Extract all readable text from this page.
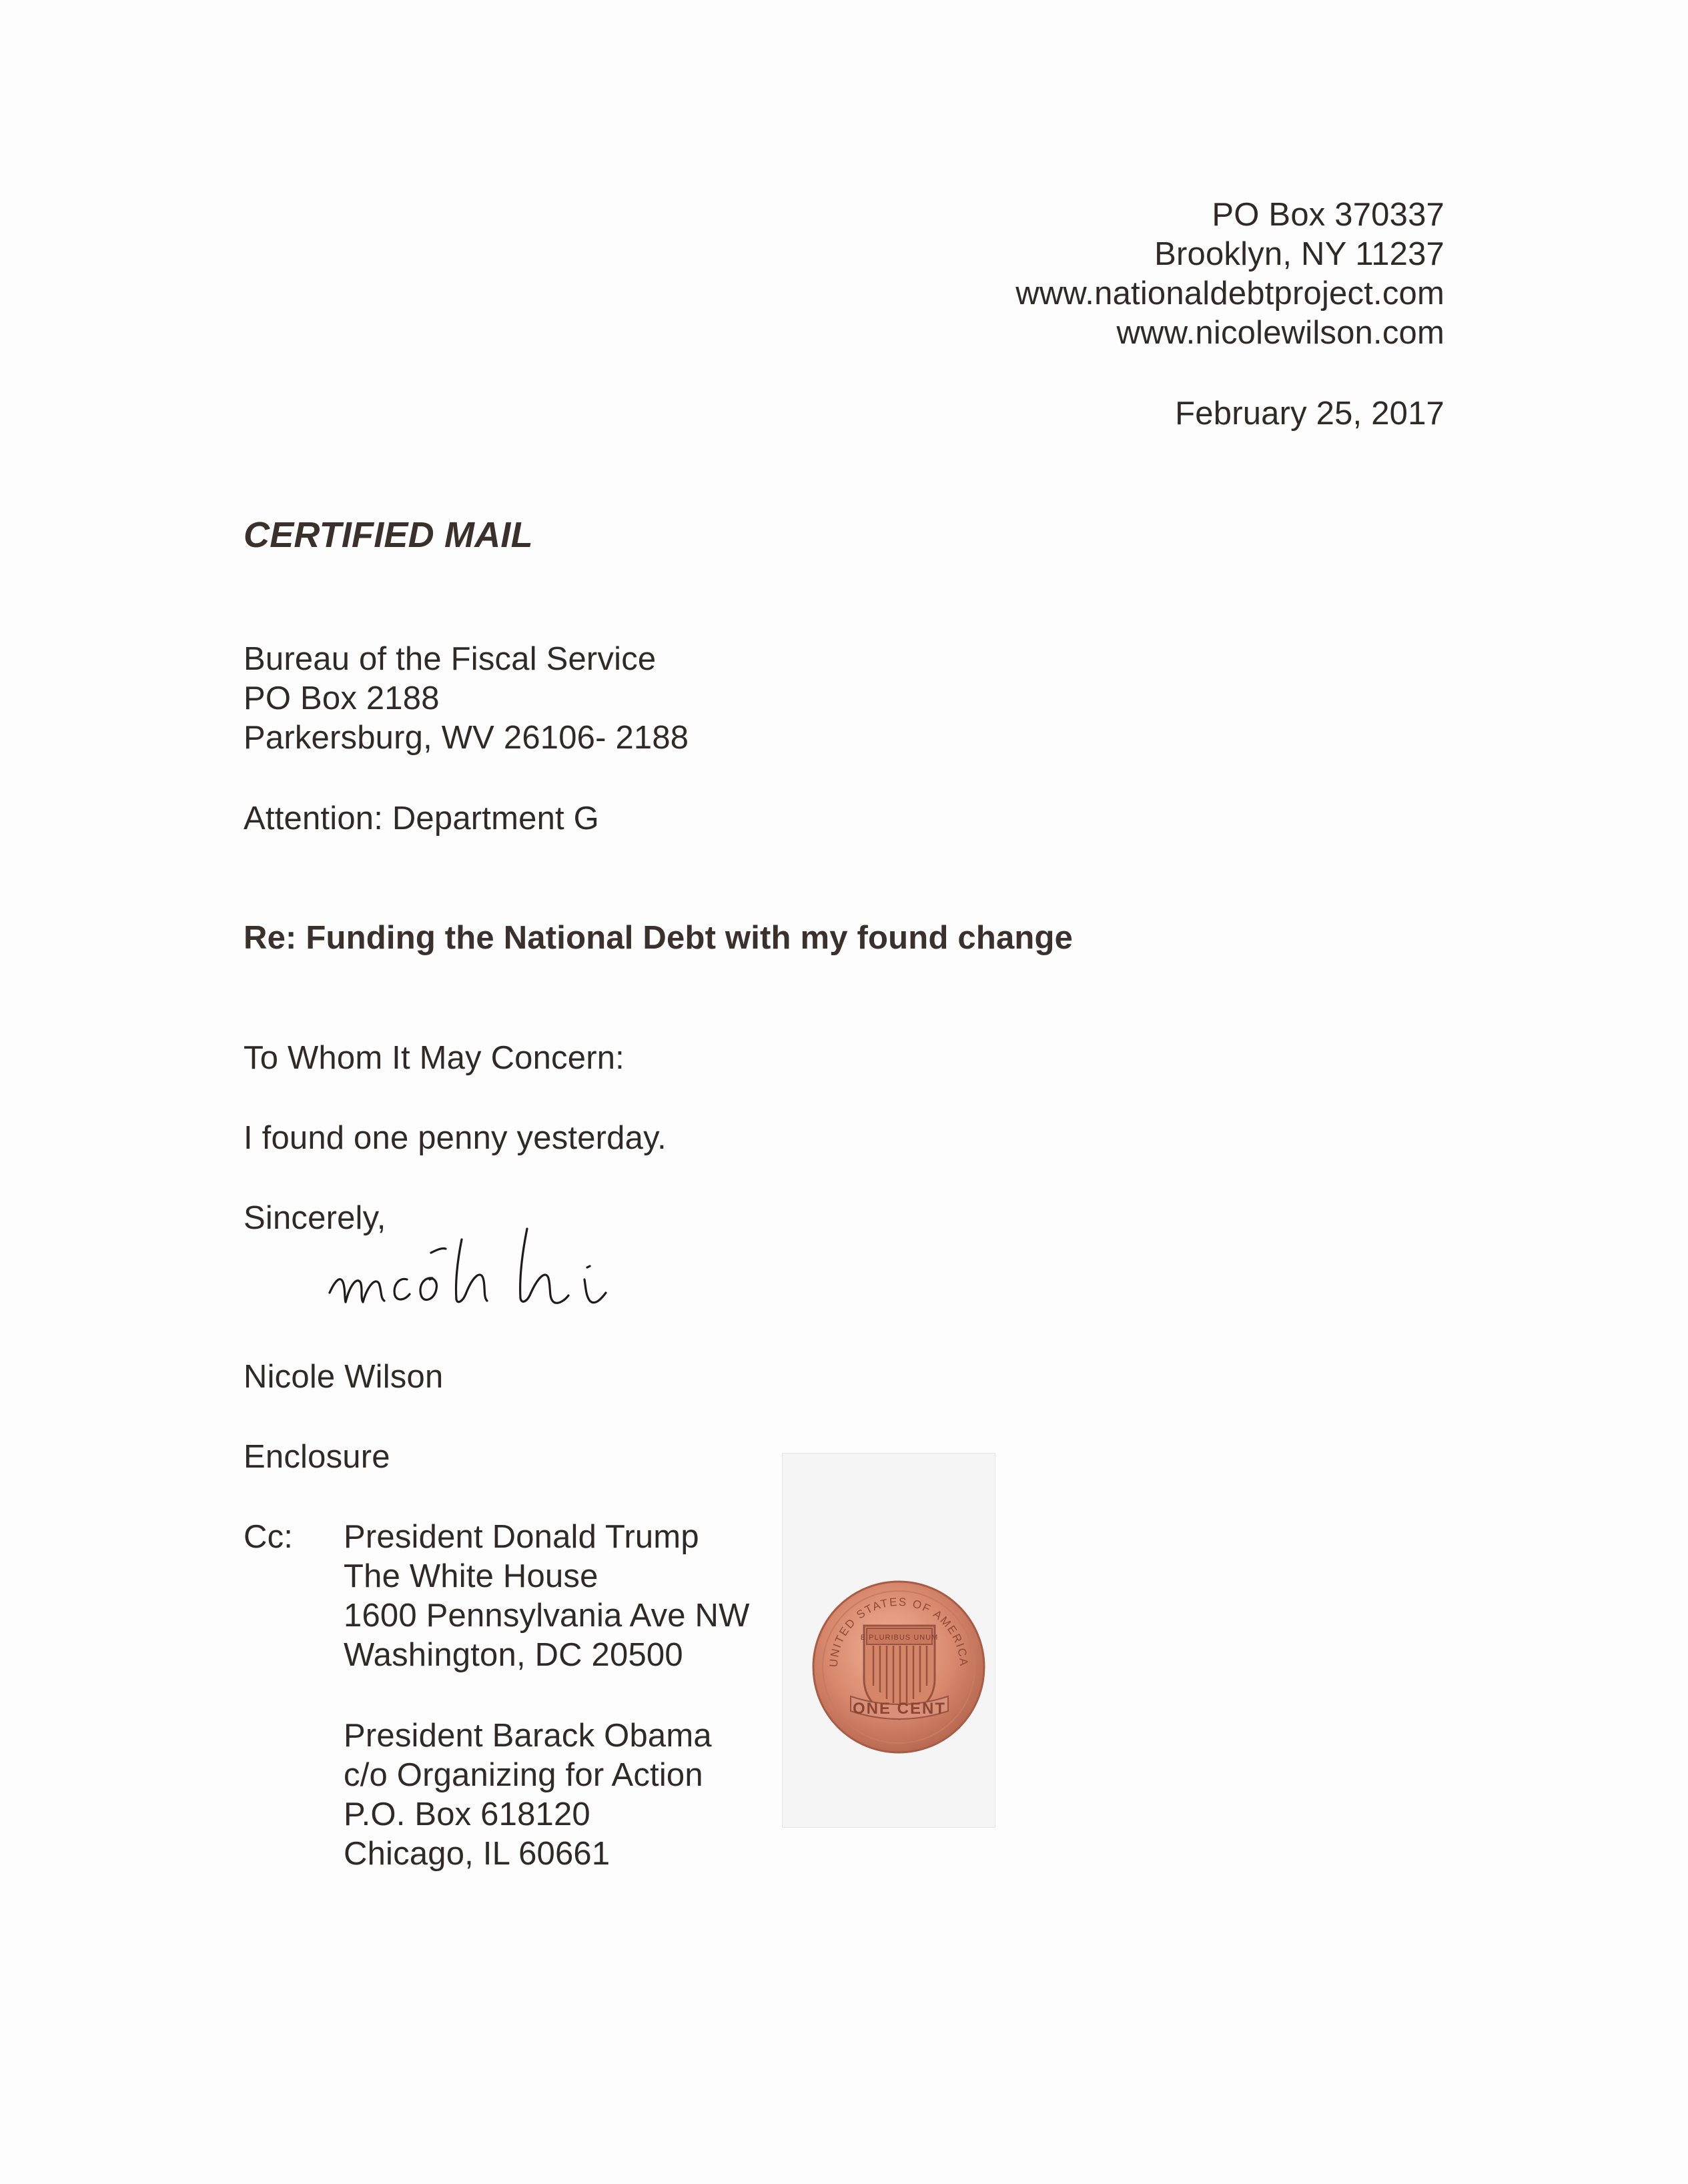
PO Box 370337
Brooklyn, NY 11237
www.nationaldebtproject.com
www.nicolewilson.com
February 25, 2017
CERTIFIED MAIL
Bureau of the Fiscal Service
PO Box 2188
Parkersburg, WV 26106- 2188
Attention: Department G
Re: Funding the National Debt with my found change
To Whom It May Concern:
I found one penny yesterday.
Sincerely,
Nicole Wilson
Enclosure
Cc: President Donald Trump
The White House
1600 Pennsylvania Ave NW
Washington, DC 20500
President Barack Obama
c/o Organizing for Action
P.O. Box 618120
Chicago, IL 60661
UNITED STATES OF AMERICA
E PLURIBUS UNUM
ONE CENT
